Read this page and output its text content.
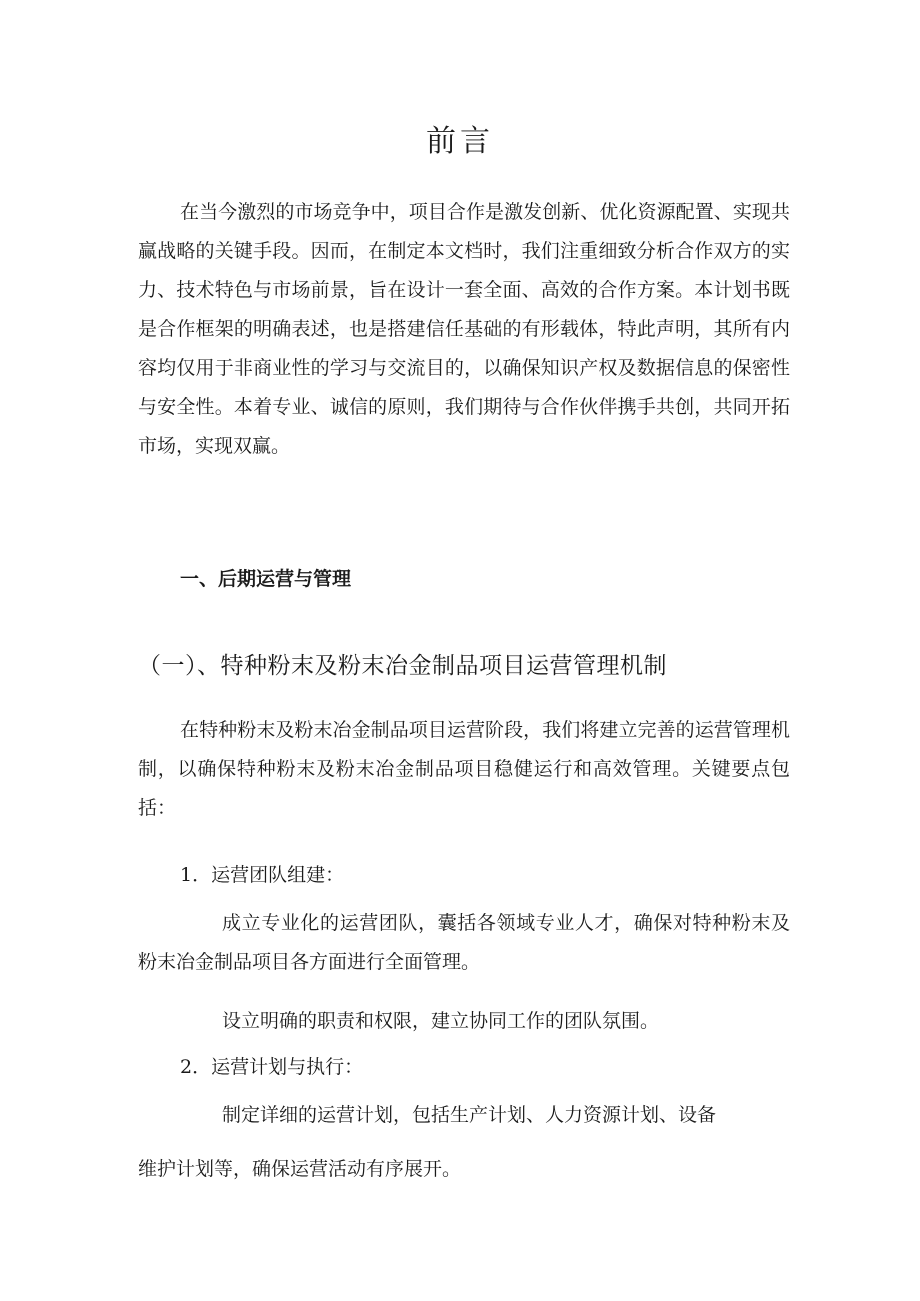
前言

在当今激烈的市场竞争中，项目合作是激发创新、优化资源配置、实现共赢战略的关键手段。因而，在制定本文档时，我们注重细致分析合作双方的实力、技术特色与市场前景，旨在设计一套全面、高效的合作方案。本计划书既是合作框架的明确表述，也是搭建信任基础的有形载体，特此声明，其所有内容均仅用于非商业性的学习与交流目的，以确保知识产权及数据信息的保密性与安全性。本着专业、诚信的原则，我们期待与合作伙伴携手共创，共同开拓市场，实现双赢。

一、后期运营与管理
（一）、特种粉末及粉末冶金制品项目运营管理机制

在特种粉末及粉末冶金制品项目运营阶段，我们将建立完善的运营管理机制，以确保特种粉末及粉末冶金制品项目稳健运行和高效管理。关键要点包括：

1．运营团队组建：

成立专业化的运营团队，囊括各领域专业人才，确保对特种粉末及粉末冶金制品项目各方面进行全面管理。

设立明确的职责和权限，建立协同工作的团队氛围。

2．运营计划与执行：

制定详细的运营计划，包括生产计划、人力资源计划、设备

维护计划等，确保运营活动有序展开。
